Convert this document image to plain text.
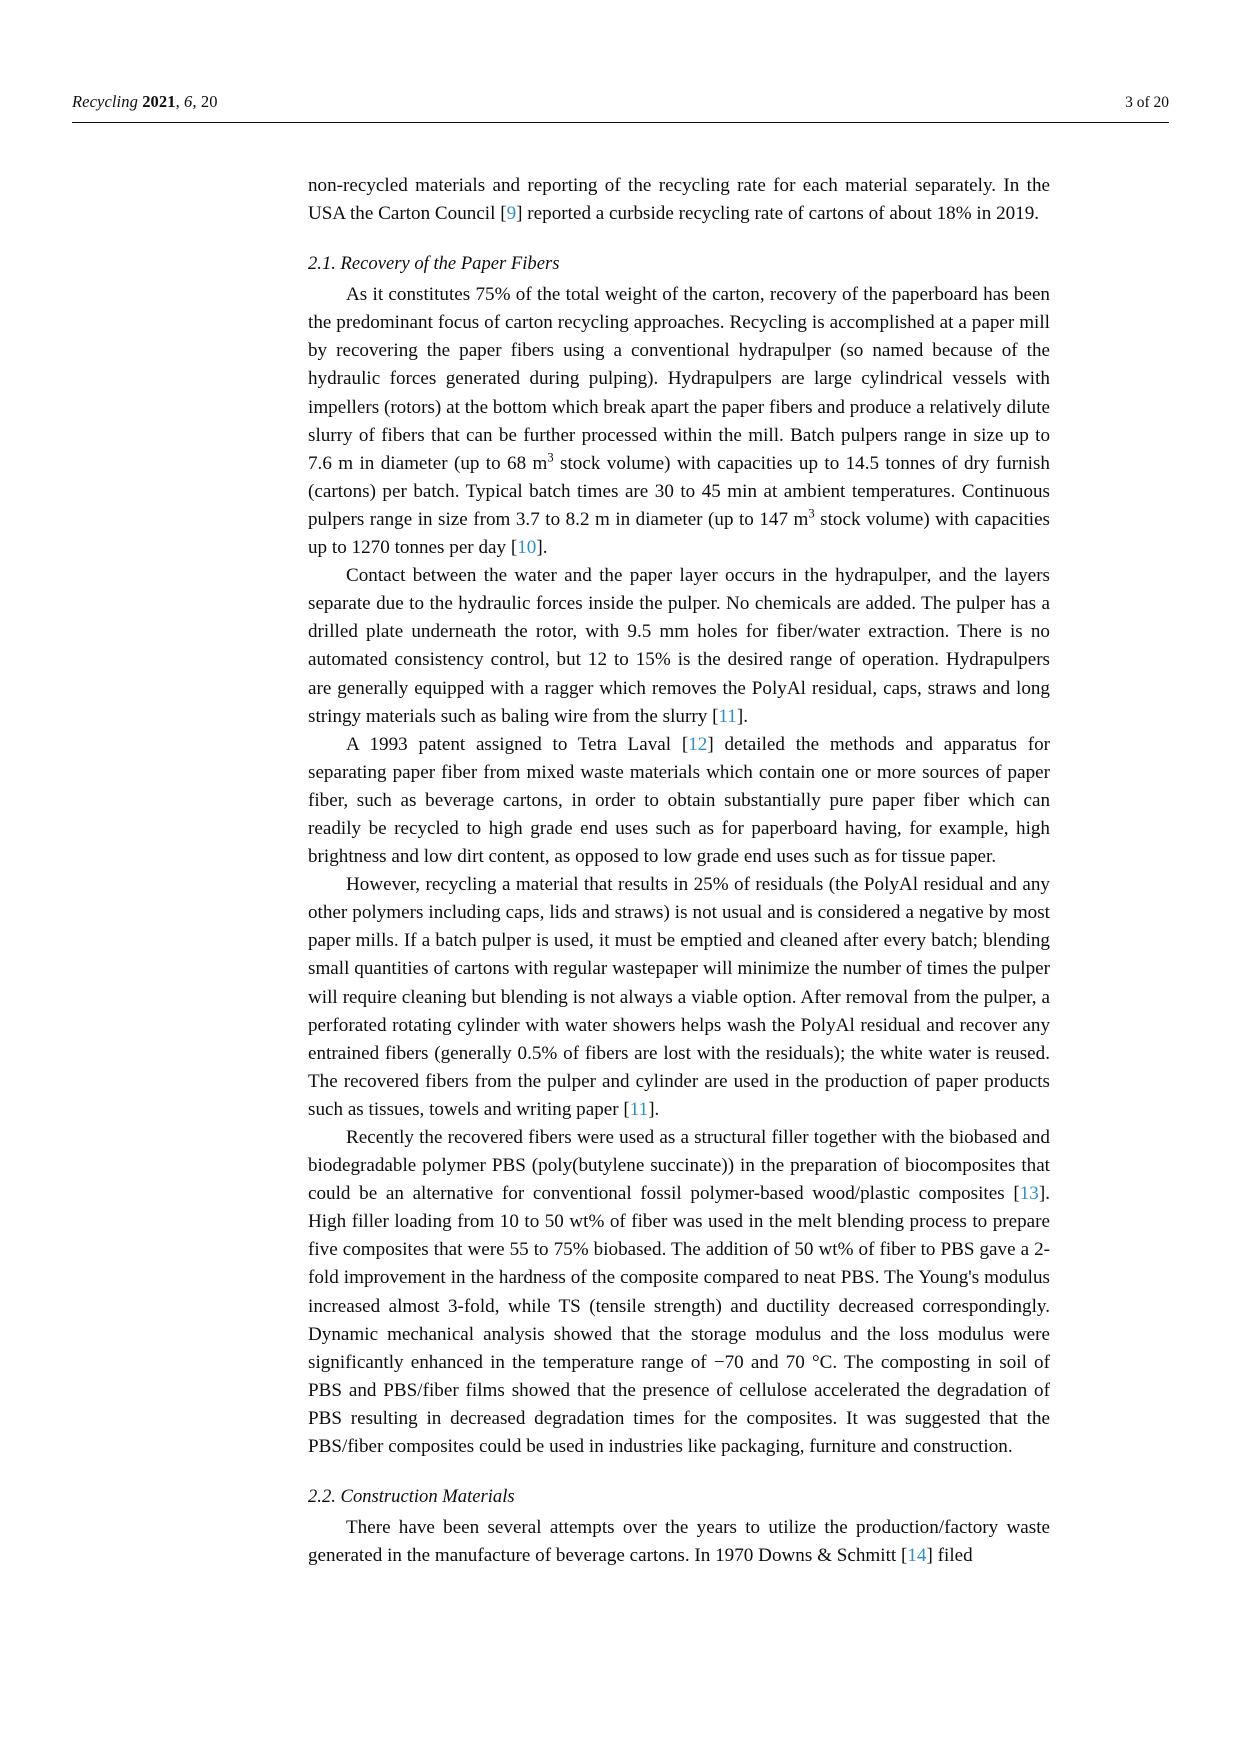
Recycling 2021, 6, 20	3 of 20

non-recycled materials and reporting of the recycling rate for each material separately. In the USA the Carton Council [9] reported a curbside recycling rate of cartons of about 18% in 2019.

2.1. Recovery of the Paper Fibers

As it constitutes 75% of the total weight of the carton, recovery of the paperboard has been the predominant focus of carton recycling approaches. Recycling is accomplished at a paper mill by recovering the paper fibers using a conventional hydrapulper (so named because of the hydraulic forces generated during pulping). Hydrapulpers are large cylindrical vessels with impellers (rotors) at the bottom which break apart the paper fibers and produce a relatively dilute slurry of fibers that can be further processed within the mill. Batch pulpers range in size up to 7.6 m in diameter (up to 68 $m^3$ stock volume) with capacities up to 14.5 tonnes of dry furnish (cartons) per batch. Typical batch times are 30 to 45 min at ambient temperatures. Continuous pulpers range in size from 3.7 to 8.2 m in diameter (up to 147 $m^3$ stock volume) with capacities up to 1270 tonnes per day [10].

Contact between the water and the paper layer occurs in the hydrapulper, and the layers separate due to the hydraulic forces inside the pulper. No chemicals are added. The pulper has a drilled plate underneath the rotor, with 9.5 mm holes for fiber/water extraction. There is no automated consistency control, but 12 to 15% is the desired range of operation. Hydrapulpers are generally equipped with a ragger which removes the PolyAl residual, caps, straws and long stringy materials such as baling wire from the slurry [11].

A 1993 patent assigned to Tetra Laval [12] detailed the methods and apparatus for separating paper fiber from mixed waste materials which contain one or more sources of paper fiber, such as beverage cartons, in order to obtain substantially pure paper fiber which can readily be recycled to high grade end uses such as for paperboard having, for example, high brightness and low dirt content, as opposed to low grade end uses such as for tissue paper.

However, recycling a material that results in 25% of residuals (the PolyAl residual and any other polymers including caps, lids and straws) is not usual and is considered a negative by most paper mills. If a batch pulper is used, it must be emptied and cleaned after every batch; blending small quantities of cartons with regular wastepaper will minimize the number of times the pulper will require cleaning but blending is not always a viable option. After removal from the pulper, a perforated rotating cylinder with water showers helps wash the PolyAl residual and recover any entrained fibers (generally 0.5% of fibers are lost with the residuals); the white water is reused. The recovered fibers from the pulper and cylinder are used in the production of paper products such as tissues, towels and writing paper [11].

Recently the recovered fibers were used as a structural filler together with the biobased and biodegradable polymer PBS (poly(butylene succinate)) in the preparation of biocomposites that could be an alternative for conventional fossil polymer-based wood/plastic composites [13]. High filler loading from 10 to 50 wt% of fiber was used in the melt blending process to prepare five composites that were 55 to 75% biobased. The addition of 50 wt% of fiber to PBS gave a 2-fold improvement in the hardness of the composite compared to neat PBS. The Young's modulus increased almost 3-fold, while TS (tensile strength) and ductility decreased correspondingly. Dynamic mechanical analysis showed that the storage modulus and the loss modulus were significantly enhanced in the temperature range of −70 and 70 °C. The composting in soil of PBS and PBS/fiber films showed that the presence of cellulose accelerated the degradation of PBS resulting in decreased degradation times for the composites. It was suggested that the PBS/fiber composites could be used in industries like packaging, furniture and construction.

2.2. Construction Materials

There have been several attempts over the years to utilize the production/factory waste generated in the manufacture of beverage cartons. In 1970 Downs & Schmitt [14] filed
